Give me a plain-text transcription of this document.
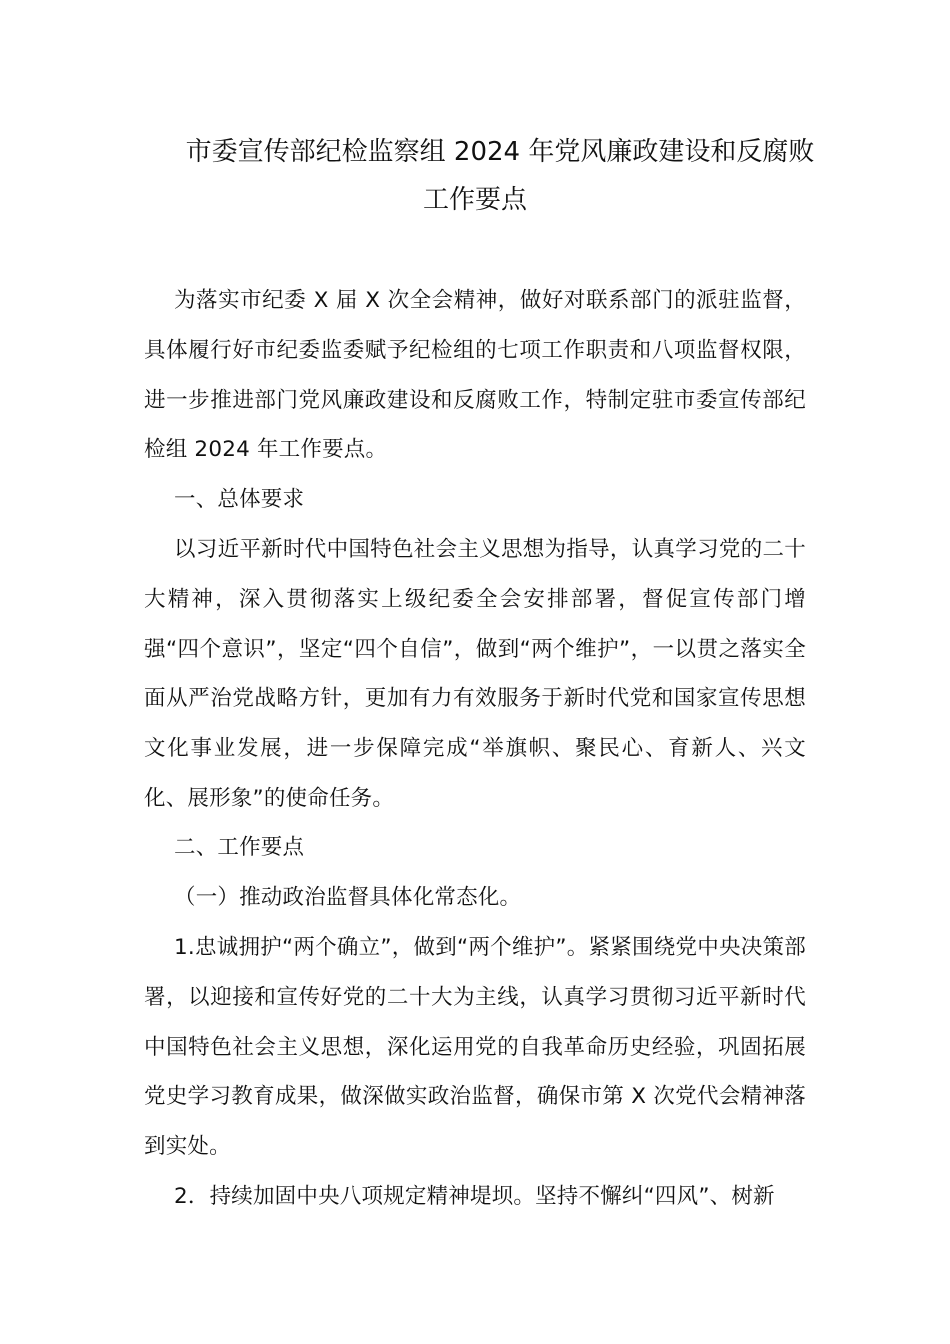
市委宣传部纪检监察组 2024 年党风廉政建设和反腐败
工作要点

为落实市纪委 X 届 X 次全会精神，做好对联系部门的派驻监督，具体履行好市纪委监委赋予纪检组的七项工作职责和八项监督权限，进一步推进部门党风廉政建设和反腐败工作，特制定驻市委宣传部纪检组 2024 年工作要点。

一、总体要求

以习近平新时代中国特色社会主义思想为指导，认真学习党的二十大精神，深入贯彻落实上级纪委全会安排部署，督促宣传部门增强“四个意识”，坚定“四个自信”，做到“两个维护”，一以贯之落实全面从严治党战略方针，更加有力有效服务于新时代党和国家宣传思想文化事业发展，进一步保障完成“举旗帜、聚民心、育新人、兴文化、展形象”的使命任务。

二、工作要点

（一）推动政治监督具体化常态化。

1.忠诚拥护“两个确立”，做到“两个维护”。紧紧围绕党中央决策部署，以迎接和宣传好党的二十大为主线，认真学习贯彻习近平新时代中国特色社会主义思想，深化运用党的自我革命历史经验，巩固拓展党史学习教育成果，做深做实政治监督，确保市第 X 次党代会精神落到实处。

2．持续加固中央八项规定精神堤坝。坚持不懈纠“四风”、树新
